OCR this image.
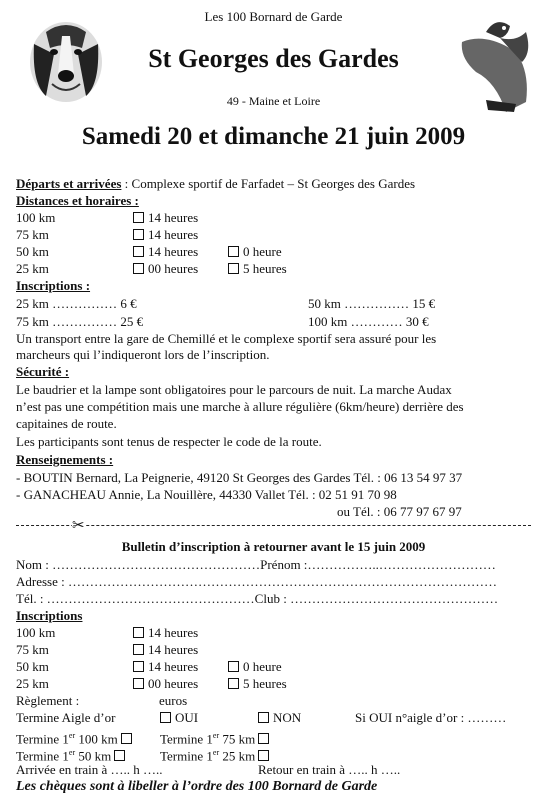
Les 100 Bornard de Garde
St Georges des Gardes
49 - Maine et Loire
Samedi 20 et dimanche 21 juin 2009
Départs et arrivées : Complexe sportif de Farfadet – St Georges des Gardes
Distances et horaires :
100 km	14 heures
75 km	14 heures
50 km	14 heures	0 heure
25 km	00 heures	5 heures
Inscriptions :
25 km …………… 6 €	50 km …………… 15 €
75 km …………… 25 €	100 km ………… 30 €
Un transport entre la gare de Chemillé et le complexe sportif sera assuré pour les
marcheurs qui l’indiqueront lors de l’inscription.
Sécurité :
Le baudrier et la lampe sont obligatoires pour le parcours de nuit. La marche Audax
n’est pas une compétition mais une marche à allure régulière (6km/heure) derrière des
capitaines de route.
Les participants sont tenus de respecter le code de la route.
Renseignements :
- BOUTIN Bernard, La Peignerie, 49120 St Georges des Gardes Tél. : 06 13 54 97 37
- GANACHEAU Annie, La Nouillère, 44330 Vallet Tél. : 02 51 91 70 98
ou Tél. : 06 77 97 67 97
✂
Bulletin d’inscription à retourner avant le 15 juin 2009
Nom : …………………………………………Prénom :……………..………………………
Adresse : ………………………………………………………………………………………
Tél. : …………………………………………Club : …………………………………………
Inscriptions
100 km	14 heures
75 km	14 heures
50 km	14 heures	0 heure
25 km	00 heures	5 heures
Règlement :	euros
Termine Aigle d’or	OUI	NON	Si OUI n°aigle d’or : ………
Termine 1er 100 km	Termine 1er 75 km
Termine 1er 50 km	Termine 1er 25 km
Arrivée en train à ….. h …..	Retour en train à ….. h …..
Les chèques sont à libeller à l’ordre des 100 Bornard de Garde
